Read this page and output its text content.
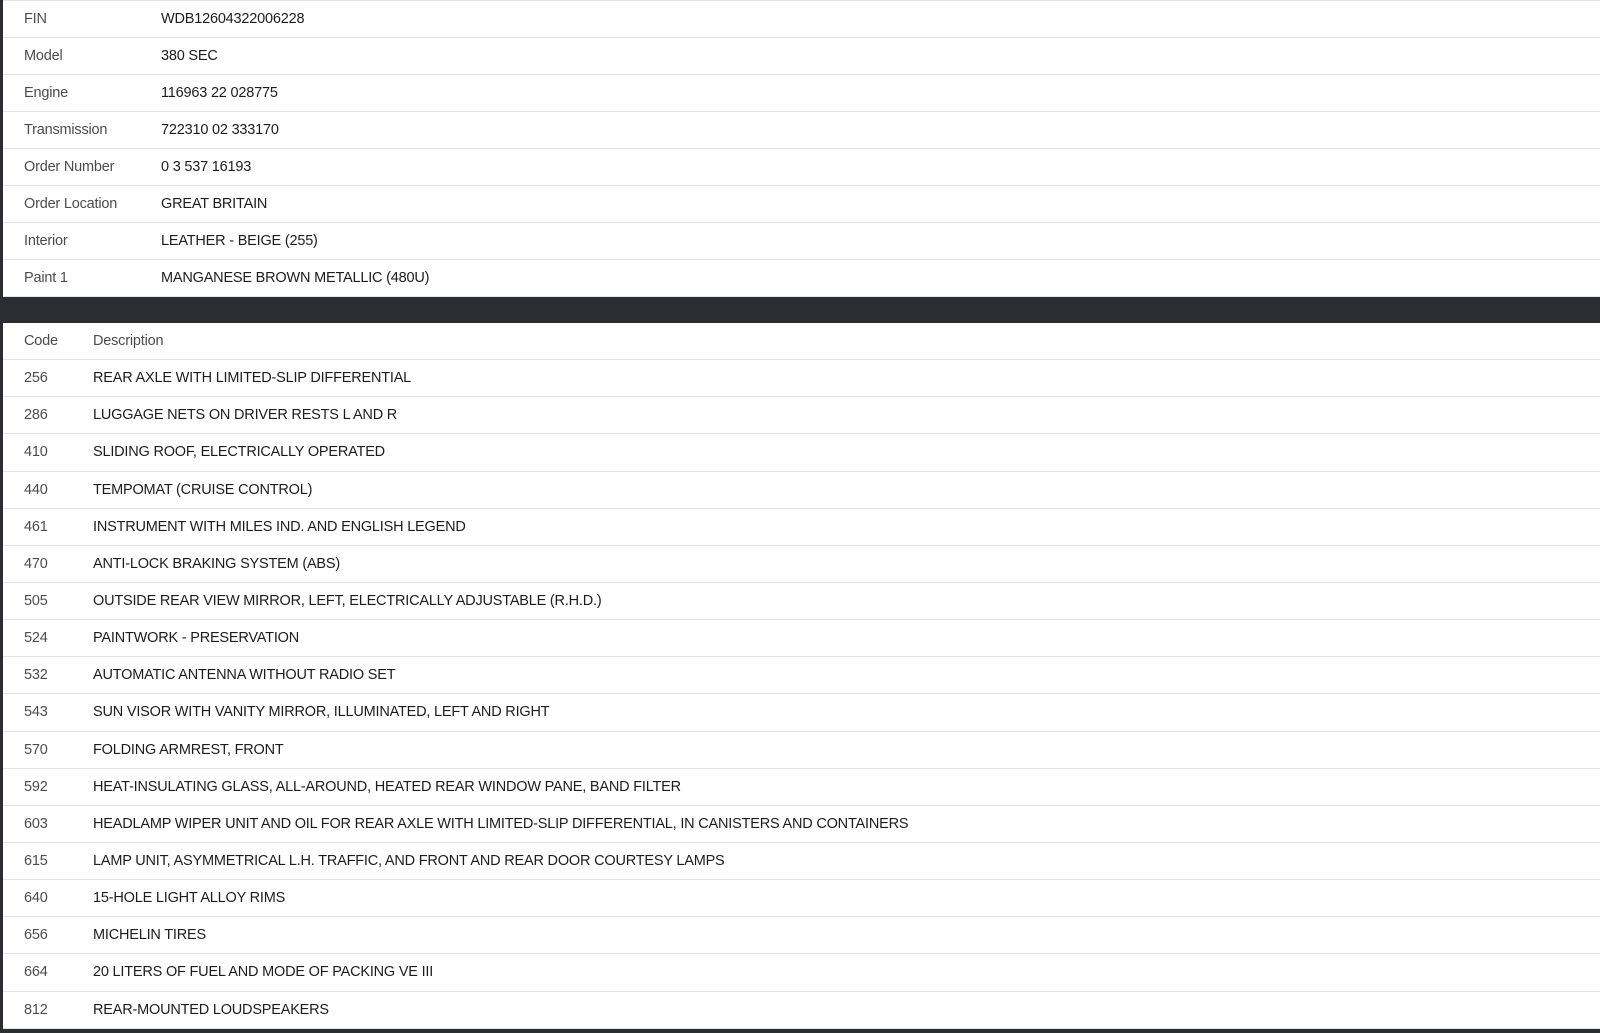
FIN	WDB12604322006228
Model	380 SEC
Engine	116963 22 028775
Transmission	722310 02 333170
Order Number	0 3 537 16193
Order Location	GREAT BRITAIN
Interior	LEATHER - BEIGE (255)
Paint 1	MANGANESE BROWN METALLIC (480U)
Code	Description
256	REAR AXLE WITH LIMITED-SLIP DIFFERENTIAL
286	LUGGAGE NETS ON DRIVER RESTS L AND R
410	SLIDING ROOF, ELECTRICALLY OPERATED
440	TEMPOMAT (CRUISE CONTROL)
461	INSTRUMENT WITH MILES IND. AND ENGLISH LEGEND
470	ANTI-LOCK BRAKING SYSTEM (ABS)
505	OUTSIDE REAR VIEW MIRROR, LEFT, ELECTRICALLY ADJUSTABLE (R.H.D.)
524	PAINTWORK - PRESERVATION
532	AUTOMATIC ANTENNA WITHOUT RADIO SET
543	SUN VISOR WITH VANITY MIRROR, ILLUMINATED, LEFT AND RIGHT
570	FOLDING ARMREST, FRONT
592	HEAT-INSULATING GLASS, ALL-AROUND, HEATED REAR WINDOW PANE, BAND FILTER
603	HEADLAMP WIPER UNIT AND OIL FOR REAR AXLE WITH LIMITED-SLIP DIFFERENTIAL, IN CANISTERS AND CONTAINERS
615	LAMP UNIT, ASYMMETRICAL L.H. TRAFFIC, AND FRONT AND REAR DOOR COURTESY LAMPS
640	15-HOLE LIGHT ALLOY RIMS
656	MICHELIN TIRES
664	20 LITERS OF FUEL AND MODE OF PACKING VE III
812	REAR-MOUNTED LOUDSPEAKERS
